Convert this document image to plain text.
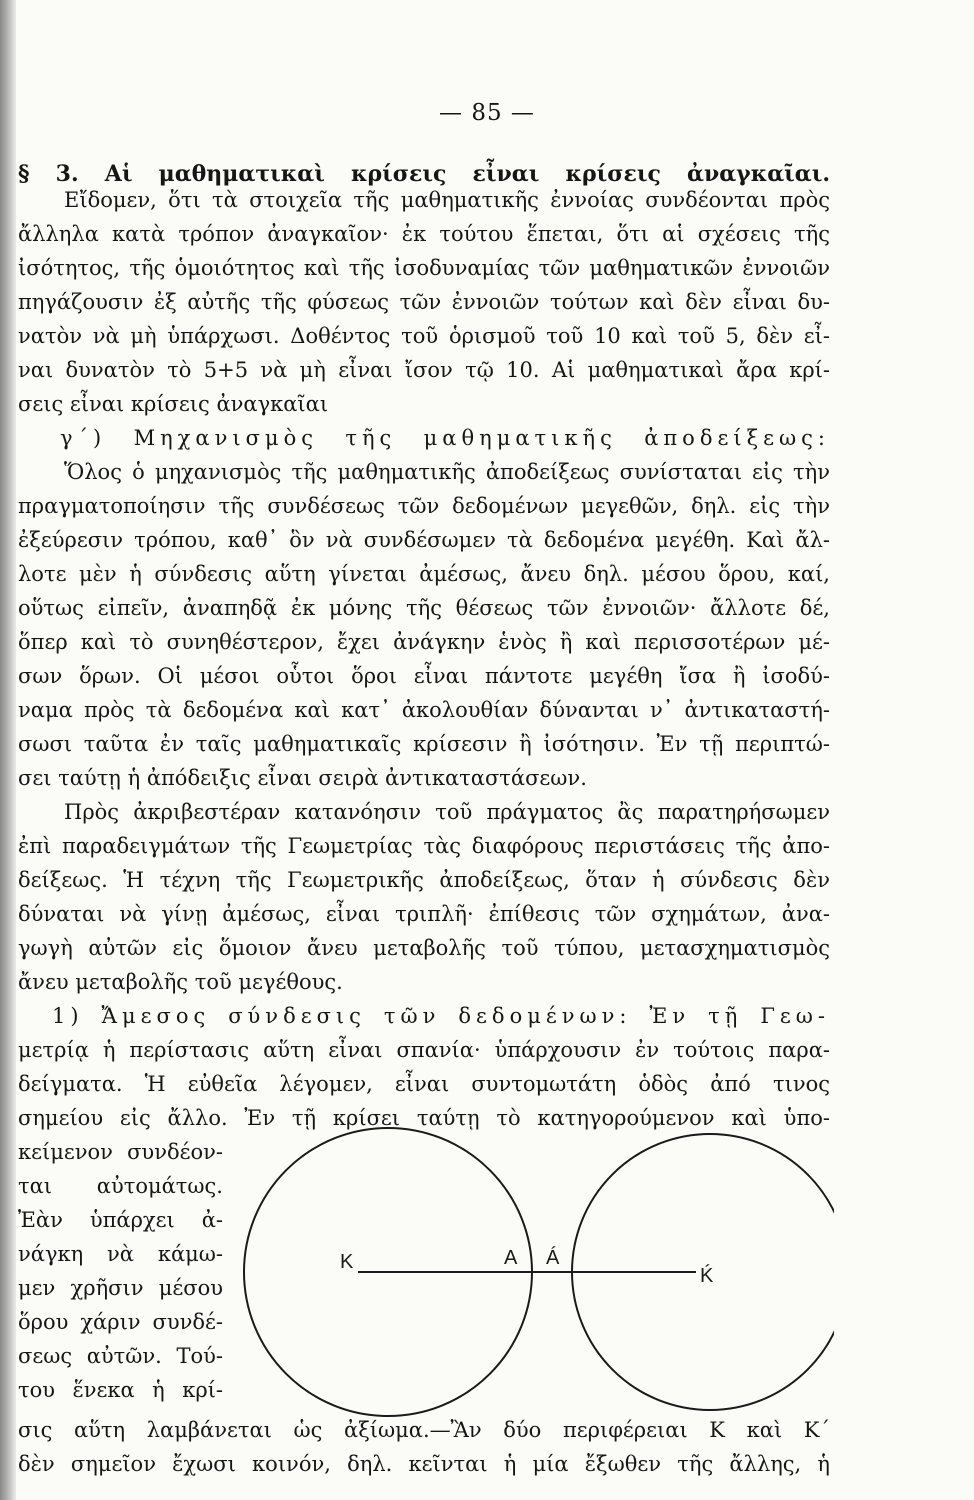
— 85 —
§ 3. Αἱ μαθηματικαὶ κρίσεις εἶναι κρίσεις ἀναγκαῖαι.
Εἴδομεν, ὅτι τὰ στοιχεῖα τῆς μαθηματικῆς ἐννοίας συνδέονται πρὸς
ἄλληλα κατὰ τρόπον ἀναγκαῖον· ἐκ τούτου ἕπεται, ὅτι αἱ σχέσεις τῆς
ἰσότητος, τῆς ὁμοιότητος καὶ τῆς ἰσοδυναμίας τῶν μαθηματικῶν ἐννοιῶν
πηγάζουσιν ἐξ αὐτῆς τῆς φύσεως τῶν ἐννοιῶν τούτων καὶ δὲν εἶναι δυ-
νατὸν νὰ μὴ ὑπάρχωσι. Δοθέντος τοῦ ὁρισμοῦ τοῦ 10 καὶ τοῦ 5, δὲν εἶ-
ναι δυνατὸν τὸ 5+5 νὰ μὴ εἶναι ἴσον τῷ 10. Αἱ μαθηματικαὶ ἄρα κρί-
σεις εἶναι κρίσεις ἀναγκαῖαι
γ΄) Μηχανισμὸς τῆς μαθηματικῆς ἀποδείξεως:
Ὅλος ὁ μηχανισμὸς τῆς μαθηματικῆς ἀποδείξεως συνίσταται εἰς τὴν
πραγματοποίησιν τῆς συνδέσεως τῶν δεδομένων μεγεθῶν, δηλ. εἰς τὴν
ἐξεύρεσιν τρόπου, καθ᾽ ὃν νὰ συνδέσωμεν τὰ δεδομένα μεγέθη. Καὶ ἄλ-
λοτε μὲν ἡ σύνδεσις αὕτη γίνεται ἀμέσως, ἄνευ δηλ. μέσου ὅρου, καί,
οὕτως εἰπεῖν, ἀναπηδᾷ ἐκ μόνης τῆς θέσεως τῶν ἐννοιῶν· ἄλλοτε δέ,
ὅπερ καὶ τὸ συνηθέστερον, ἔχει ἀνάγκην ἑνὸς ἢ καὶ περισσοτέρων μέ-
σων ὅρων. Οἱ μέσοι οὗτοι ὅροι εἶναι πάντοτε μεγέθη ἴσα ἢ ἰσοδύ-
ναμα πρὸς τὰ δεδομένα καὶ κατ᾽ ἀκολουθίαν δύνανται ν᾽ ἀντικαταστή-
σωσι ταῦτα ἐν ταῖς μαθηματικαῖς κρίσεσιν ἢ ἰσότησιν. Ἐν τῇ περιπτώ-
σει ταύτῃ ἡ ἀπόδειξις εἶναι σειρὰ ἀντικαταστάσεων.
Πρὸς ἀκριβεστέραν κατανόησιν τοῦ πράγματος ἂς παρατηρήσωμεν
ἐπὶ παραδειγμάτων τῆς Γεωμετρίας τὰς διαφόρους περιστάσεις τῆς ἀπο-
δείξεως. Ἡ τέχνη τῆς Γεωμετρικῆς ἀποδείξεως, ὅταν ἡ σύνδεσις δὲν
δύναται νὰ γίνῃ ἀμέσως, εἶναι τριπλῆ· ἐπίθεσις τῶν σχημάτων, ἀνα-
γωγὴ αὐτῶν εἰς ὅμοιον ἄνευ μεταβολῆς τοῦ τύπου, μετασχηματισμὸς
ἄνευ μεταβολῆς τοῦ μεγέθους.
1) Ἄμεσος σύνδεσις τῶν δεδομένων: Ἐν τῇ Γεω-
μετρίᾳ ἡ περίστασις αὕτη εἶναι σπανία· ὑπάρχουσιν ἐν τούτοις παρα-
δείγματα. Ἡ εὐθεῖα λέγομεν, εἶναι συντομωτάτη ὁδὸς ἀπό τινος
σημείου εἰς ἄλλο. Ἐν τῇ κρίσει ταύτῃ τὸ κατηγορούμενον καὶ ὑπο-
κείμενον συνδέον-
ται αὐτομάτως.
Ἐὰν ὑπάρχει ἀ-
νάγκη νὰ κάμω-
μεν χρῆσιν μέσου
ὅρου χάριν συνδέ-
σεως αὐτῶν. Τού-
του ἕνεκα ἡ κρί-
σις αὕτη λαμβάνεται ὡς ἀξίωμα.—Ἂν δύο περιφέρειαι Κ καὶ Κ΄
δὲν σημεῖον ἔχωσι κοινόν, δηλ. κεῖνται ἡ μία ἔξωθεν τῆς ἄλλης, ἡ
K	A Á
Ḱ
